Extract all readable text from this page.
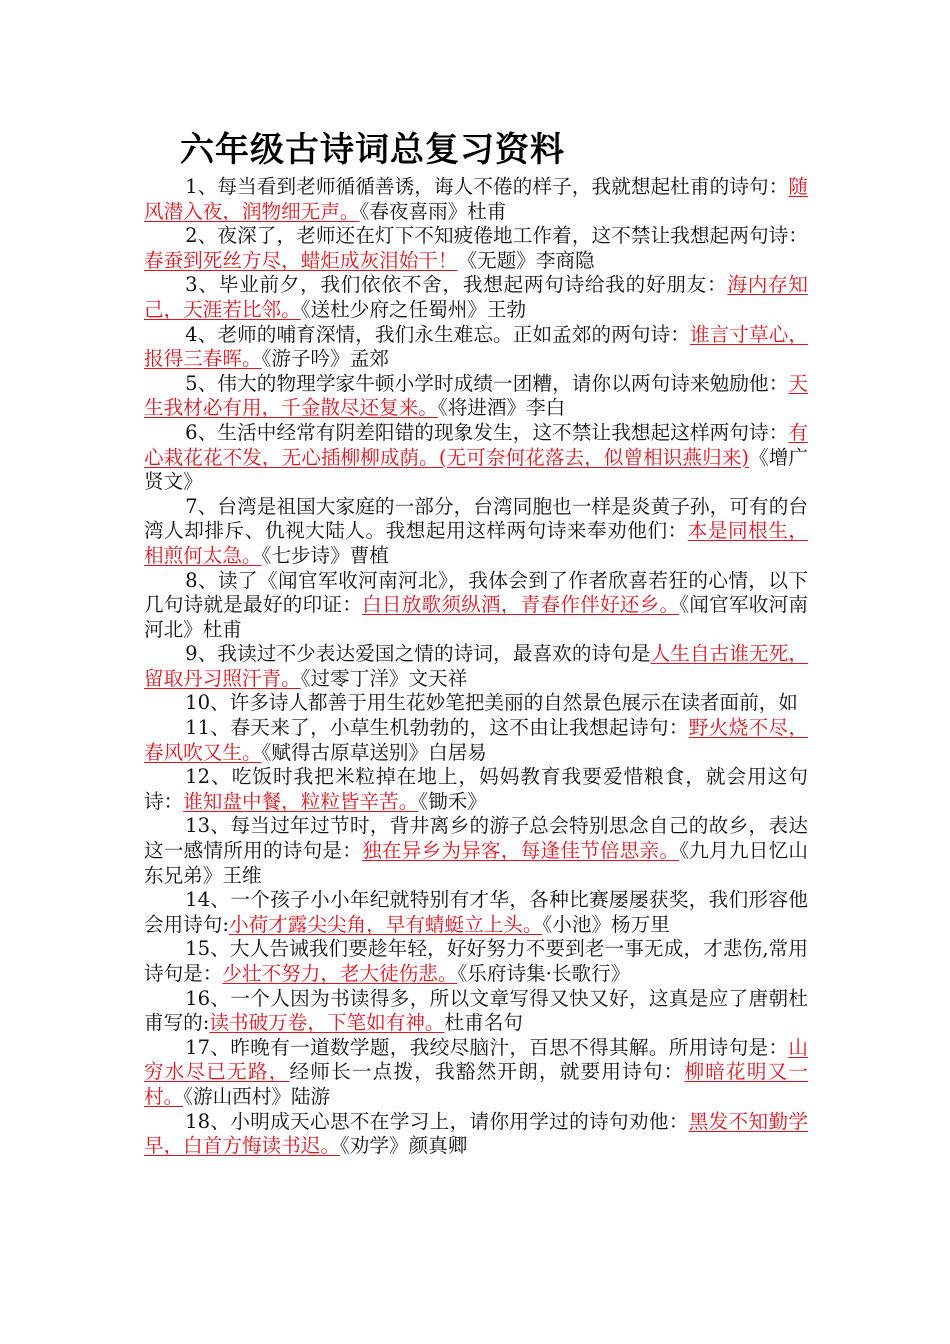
六年级古诗词总复习资料

1、每当看到老师循循善诱，诲人不倦的样子，我就想起杜甫的诗句：随风潜入夜，润物细无声。《春夜喜雨》杜甫

2、夜深了，老师还在灯下不知疲倦地工作着，这不禁让我想起两句诗：春蚕到死丝方尽，蜡炬成灰泪始干！《无题》李商隐

3、毕业前夕，我们依依不舍，我想起两句诗给我的好朋友：海内存知己，天涯若比邻。《送杜少府之任蜀州》王勃

4、老师的哺育深情，我们永生难忘。正如孟郊的两句诗：谁言寸草心，报得三春晖。《游子吟》孟郊

5、伟大的物理学家牛顿小学时成绩一团糟，请你以两句诗来勉励他：天生我材必有用，千金散尽还复来。《将进酒》李白

6、生活中经常有阴差阳错的现象发生，这不禁让我想起这样两句诗：有心栽花花不发，无心插柳柳成荫。(无可奈何花落去，似曾相识燕归来)《增广贤文》

7、台湾是祖国大家庭的一部分，台湾同胞也一样是炎黄子孙，可有的台湾人却排斥、仇视大陆人。我想起用这样两句诗来奉劝他们：本是同根生，相煎何太急。《七步诗》曹植

8、读了《闻官军收河南河北》，我体会到了作者欣喜若狂的心情，以下几句诗就是最好的印证：白日放歌须纵酒，青春作伴好还乡。《闻官军收河南河北》杜甫

9、我读过不少表达爱国之情的诗词，最喜欢的诗句是人生自古谁无死，留取丹习照汗青。《过零丁洋》文天祥

10、许多诗人都善于用生花妙笔把美丽的自然景色展示在读者面前，如

11、春天来了，小草生机勃勃的，这不由让我想起诗句：野火烧不尽，春风吹又生。《赋得古原草送别》白居易

12、吃饭时我把米粒掉在地上，妈妈教育我要爱惜粮食，就会用这句诗：谁知盘中餐，粒粒皆辛苦。《锄禾》

13、每当过年过节时，背井离乡的游子总会特别思念自己的故乡，表达这一感情所用的诗句是：独在异乡为异客，每逢佳节倍思亲。《九月九日忆山东兄弟》王维

14、一个孩子小小年纪就特别有才华，各种比赛屡屡获奖，我们形容他会用诗句:小荷才露尖尖角，早有蜻蜓立上头。《小池》杨万里

15、大人告诫我们要趁年轻，好好努力不要到老一事无成，才悲伤,常用诗句是：少壮不努力，老大徒伤悲。《乐府诗集·长歌行》

16、一个人因为书读得多，所以文章写得又快又好，这真是应了唐朝杜甫写的:读书破万卷，下笔如有神。杜甫名句

17、昨晚有一道数学题，我绞尽脑汁，百思不得其解。所用诗句是：山穷水尽已无路，经师长一点拨，我豁然开朗，就要用诗句：柳暗花明又一村。《游山西村》陆游

18、小明成天心思不在学习上，请你用学过的诗句劝他：黑发不知勤学早，白首方悔读书迟。《劝学》颜真卿
